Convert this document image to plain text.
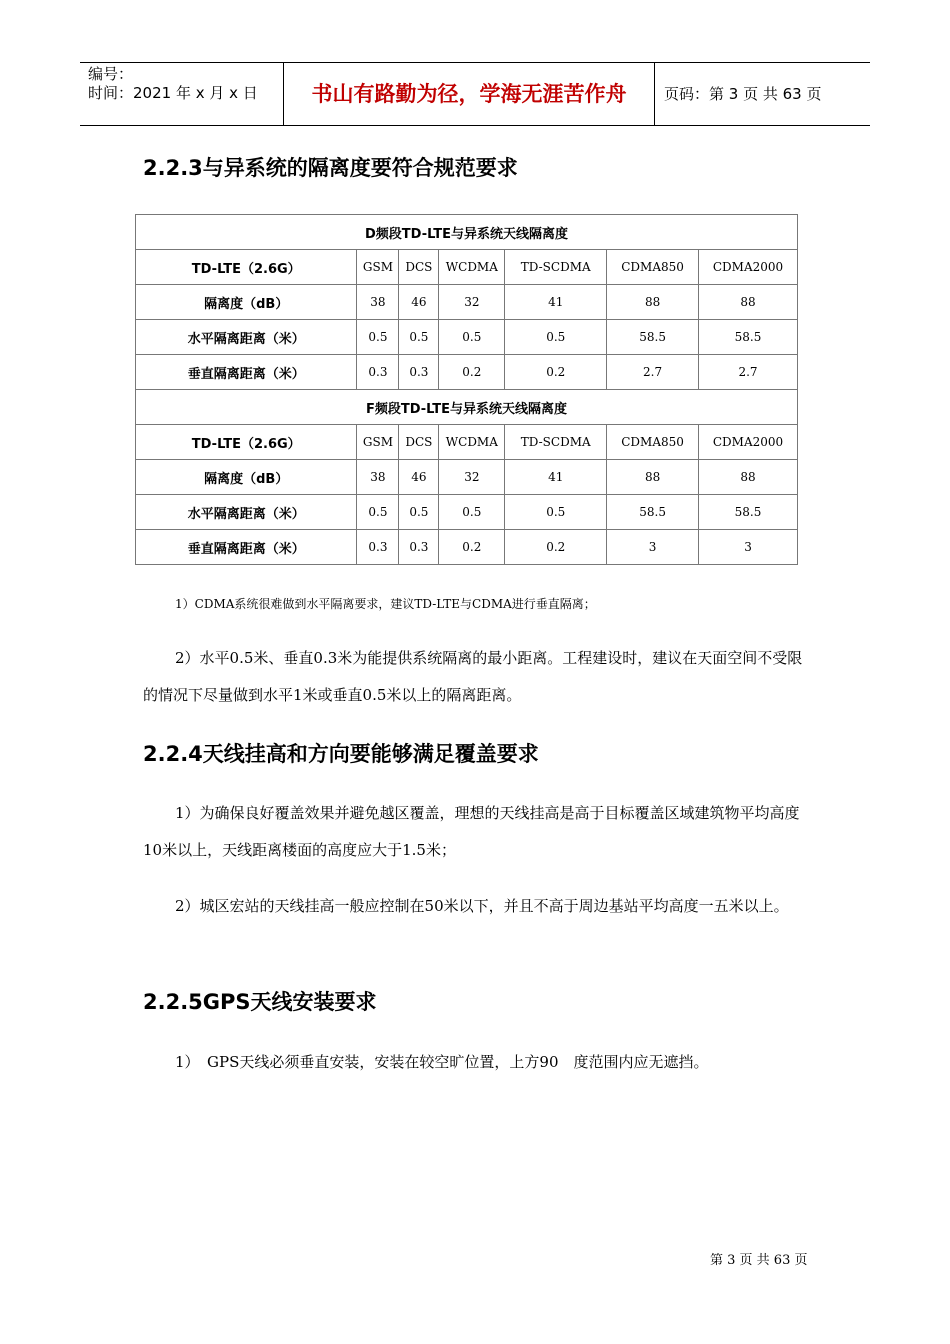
编号：
时间：2021 年 x 月 x 日	书山有路勤为径，学海无涯苦作舟	页码：第 3 页 共 63 页
2.2.3与异系统的隔离度要符合规范要求
D频段TD-LTE与异系统天线隔离度						
TD-LTE（2.6G）	GSM	DCS	WCDMA	TD-SCDMA	CDMA850	CDMA2000
隔离度（dB）	38	46	32	41	88	88
水平隔离距离（米）	0.5	0.5	0.5	0.5	58.5	58.5
垂直隔离距离（米）	0.3	0.3	0.2	0.2	2.7	2.7
F频段TD-LTE与异系统天线隔离度						
TD-LTE（2.6G）	GSM	DCS	WCDMA	TD-SCDMA	CDMA850	CDMA2000
隔离度（dB）	38	46	32	41	88	88
水平隔离距离（米）	0.5	0.5	0.5	0.5	58.5	58.5
垂直隔离距离（米）	0.3	0.3	0.2	0.2	3	3
1）CDMA系统很难做到水平隔离要求，建议TD-LTE与CDMA进行垂直隔离；

2）水平0.5米、垂直0.3米为能提供系统隔离的最小距离。工程建设时，建议在天面空间不受限的情况下尽量做到水平1米或垂直0.5米以上的隔离距离。

2.2.4天线挂高和方向要能够满足覆盖要求

1）为确保良好覆盖效果并避免越区覆盖，理想的天线挂高是高于目标覆盖区域建筑物平均高度10米以上，天线距离楼面的高度应大于1.5米；

2）城区宏站的天线挂高一般应控制在50米以下，并且不高于周边基站平均高度一五米以上。

2.2.5GPS天线安装要求

1）　GPS天线必须垂直安装，安装在较空旷位置，上方90　度范围内应无遮挡。

第 3 页 共 63 页
